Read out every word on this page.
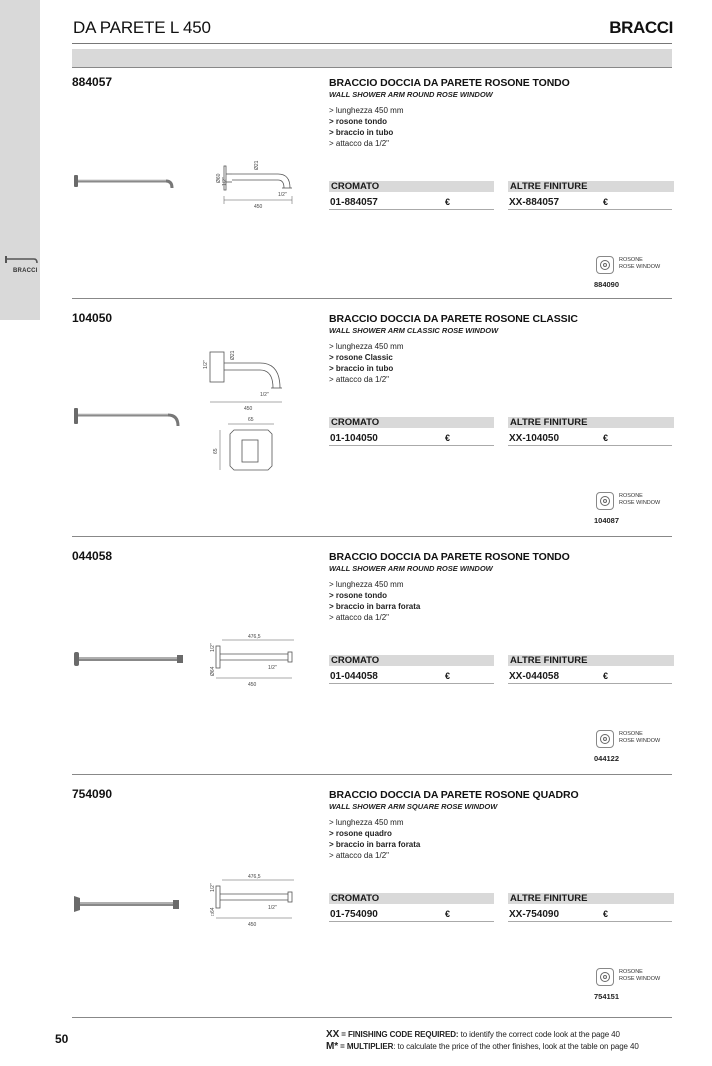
BRACCI
DA PARETE L 450	BRACCI
884057	BRACCIO DOCCIA DA PARETE ROSONE TONDO
WALL SHOWER ARM ROUND ROSE WINDOW
> lunghezza 450 mm
> rosone tondo
> braccio in tubo
> attacco da 1/2"
Ø60 1/2"
Ø21
1/2"
450
CROMATO	ALTRE FINITURE
01-884057	€	XX-884057	€
ROSONE
ROSE WINDOW
884090
104050	BRACCIO DOCCIA DA PARETE ROSONE CLASSIC
WALL SHOWER ARM CLASSIC ROSE WINDOW
> lunghezza 450 mm
> rosone Classic
> braccio in tubo
> attacco da 1/2"
1/2"
Ø21
1/2"
450
65
65
CROMATO	ALTRE FINITURE
01-104050	€	XX-104050	€
ROSONE
ROSE WINDOW
104087
044058	BRACCIO DOCCIA DA PARETE ROSONE TONDO
WALL SHOWER ARM ROUND ROSE WINDOW
> lunghezza 450 mm
> rosone tondo
> braccio in barra forata
> attacco da 1/2"
476,5
1/2"
1/2"
Ø64
450
CROMATO	ALTRE FINITURE
01-044058	€	XX-044058	€
ROSONE
ROSE WINDOW
044122
754090	BRACCIO DOCCIA DA PARETE ROSONE QUADRO
WALL SHOWER ARM SQUARE ROSE WINDOW
> lunghezza 450 mm
> rosone quadro
> braccio in barra forata
> attacco da 1/2"
476,5
1/2"
1/2"
□64
450
CROMATO	ALTRE FINITURE
01-754090	€	XX-754090	€
ROSONE
ROSE WINDOW
754151
50	XX = FINISHING CODE REQUIRED: to identify the correct code look at the page 40
M* = MULTIPLIER: to calculate the price of the other finishes, look at the table on page 40
